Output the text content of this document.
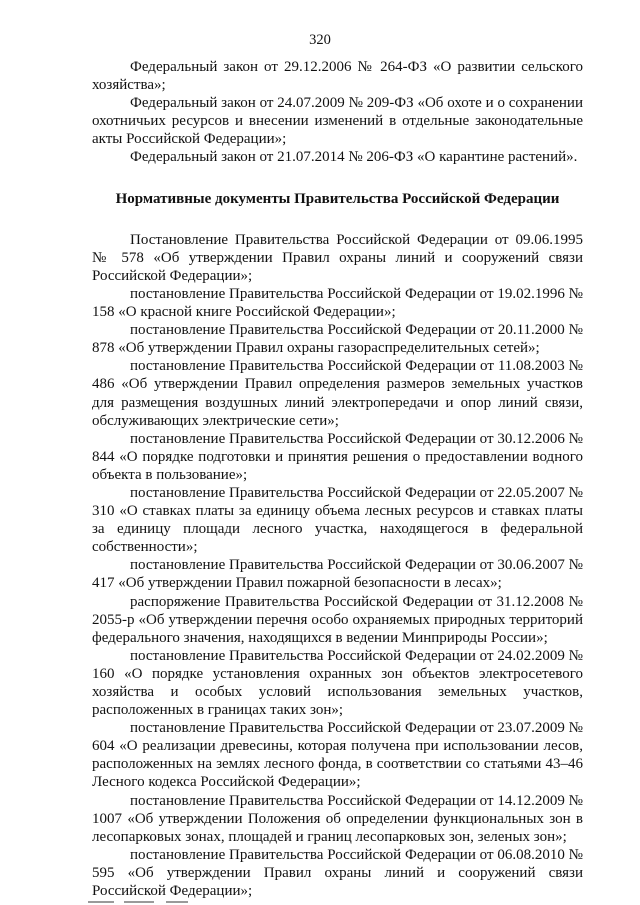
320

Федеральный закон от 29.12.2006 № 264-ФЗ «О развитии сельского хозяйства»;

Федеральный закон от 24.07.2009 № 209-ФЗ «Об охоте и о сохранении охотничьих ресурсов и внесении изменений в отдельные законодательные акты Российской Федерации»;

Федеральный закон от 21.07.2014 № 206-ФЗ «О карантине растений».

Нормативные документы Правительства Российской Федерации

Постановление Правительства Российской Федерации от 09.06.1995 № 578 «Об утверждении Правил охраны линий и сооружений связи Российской Федерации»;

постановление Правительства Российской Федерации от 19.02.1996 № 158 «О красной книге Российской Федерации»;

постановление Правительства Российской Федерации от 20.11.2000 № 878 «Об утверждении Правил охраны газораспределительных сетей»;

постановление Правительства Российской Федерации от 11.08.2003 № 486 «Об утверждении Правил определения размеров земельных участков для размещения воздушных линий электропередачи и опор линий связи, обслуживающих электрические сети»;

постановление Правительства Российской Федерации от 30.12.2006 № 844 «О порядке подготовки и принятия решения о предоставлении водного объекта в пользование»;

постановление Правительства Российской Федерации от 22.05.2007 № 310 «О ставках платы за единицу объема лесных ресурсов и ставках платы за единицу площади лесного участка, находящегося в федеральной собственности»;

постановление Правительства Российской Федерации от 30.06.2007 № 417 «Об утверждении Правил пожарной безопасности в лесах»;

распоряжение Правительства Российской Федерации от 31.12.2008 № 2055-р «Об утверждении перечня особо охраняемых природных территорий федерального значения, находящихся в ведении Минприроды России»;

постановление Правительства Российской Федерации от 24.02.2009 № 160 «О порядке установления охранных зон объектов электросетевого хозяйства и особых условий использования земельных участков, расположенных в границах таких зон»;

постановление Правительства Российской Федерации от 23.07.2009 № 604 «О реализации древесины, которая получена при использовании лесов, расположенных на землях лесного фонда, в соответствии со статьями 43–46 Лесного кодекса Российской Федерации»;

постановление Правительства Российской Федерации от 14.12.2009 № 1007 «Об утверждении Положения об определении функциональных зон в лесопарковых зонах, площадей и границ лесопарковых зон, зеленых зон»;

постановление Правительства Российской Федерации от 06.08.2010 № 595 «Об утверждении Правил охраны линий и сооружений связи Российской Федерации»;
